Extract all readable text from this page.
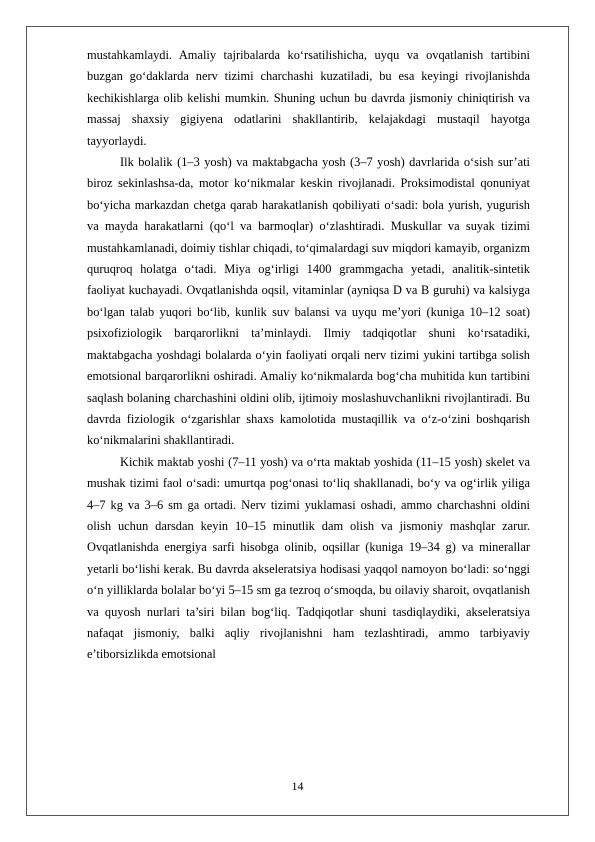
mustahkamlaydi. Amaliy tajribalarda ko‘rsatilishicha, uyqu va ovqatlanish tartibini buzgan go‘daklarda nerv tizimi charchashi kuzatiladi, bu esa keyingi rivojlanishda kechikishlarga olib kelishi mumkin. Shuning uchun bu davrda jismoniy chiniqtirish va massaj shaxsiy gigiyena odatlarini shakllantirib, kelajakdagi mustaqil hayotga tayyorlaydi.

Ilk bolalik (1–3 yosh) va maktabgacha yosh (3–7 yosh) davrlarida o‘sish sur’ati biroz sekinlashsa-da, motor ko‘nikmalar keskin rivojlanadi. Proksimodistal qonuniyat bo‘yicha markazdan chetga qarab harakatlanish qobiliyati o‘sadi: bola yurish, yugurish va mayda harakatlarni (qo‘l va barmoqlar) o‘zlashtiradi. Muskullar va suyak tizimi mustahkamlanadi, doimiy tishlar chiqadi, to‘qimalardagi suv miqdori kamayib, organizm quruqroq holatga o‘tadi. Miya og‘irligi 1400 grammgacha yetadi, analitik-sintetik faoliyat kuchayadi. Ovqatlanishda oqsil, vitaminlar (ayniqsa D va B guruhi) va kalsiyga bo‘lgan talab yuqori bo‘lib, kunlik suv balansi va uyqu me’yori (kuniga 10–12 soat) psixofiziologik barqarorlikni ta’minlaydi. Ilmiy tadqiqotlar shuni ko‘rsatadiki, maktabgacha yoshdagi bolalarda o‘yin faoliyati orqali nerv tizimi yukini tartibga solish emotsional barqarorlikni oshiradi. Amaliy ko‘nikmalarda bog‘cha muhitida kun tartibini saqlash bolaning charchashini oldini olib, ijtimoiy moslashuvchanlikni rivojlantiradi. Bu davrda fiziologik o‘zgarishlar shaxs kamolotida mustaqillik va o‘z-o‘zini boshqarish ko‘nikmalarini shakllantiradi.

Kichik maktab yoshi (7–11 yosh) va o‘rta maktab yoshida (11–15 yosh) skelet va mushak tizimi faol o‘sadi: umurtqa pog‘onasi to‘liq shakllanadi, bo‘y va og‘irlik yiliga 4–7 kg va 3–6 sm ga ortadi. Nerv tizimi yuklamasi oshadi, ammo charchashni oldini olish uchun darsdan keyin 10–15 minutlik dam olish va jismoniy mashqlar zarur. Ovqatlanishda energiya sarfi hisobga olinib, oqsillar (kuniga 19–34 g) va minerallar yetarli bo‘lishi kerak. Bu davrda akseleratsiya hodisasi yaqqol namoyon bo‘ladi: so‘nggi o‘n yilliklarda bolalar bo‘yi 5–15 sm ga tezroq o‘smoqda, bu oilaviy sharoit, ovqatlanish va quyosh nurlari ta’siri bilan bog‘liq. Tadqiqotlar shuni tasdiqlaydiki, akseleratsiya nafaqat jismoniy, balki aqliy rivojlanishni ham tezlashtiradi, ammo tarbiyaviy e’tiborsizlikda emotsional

14
